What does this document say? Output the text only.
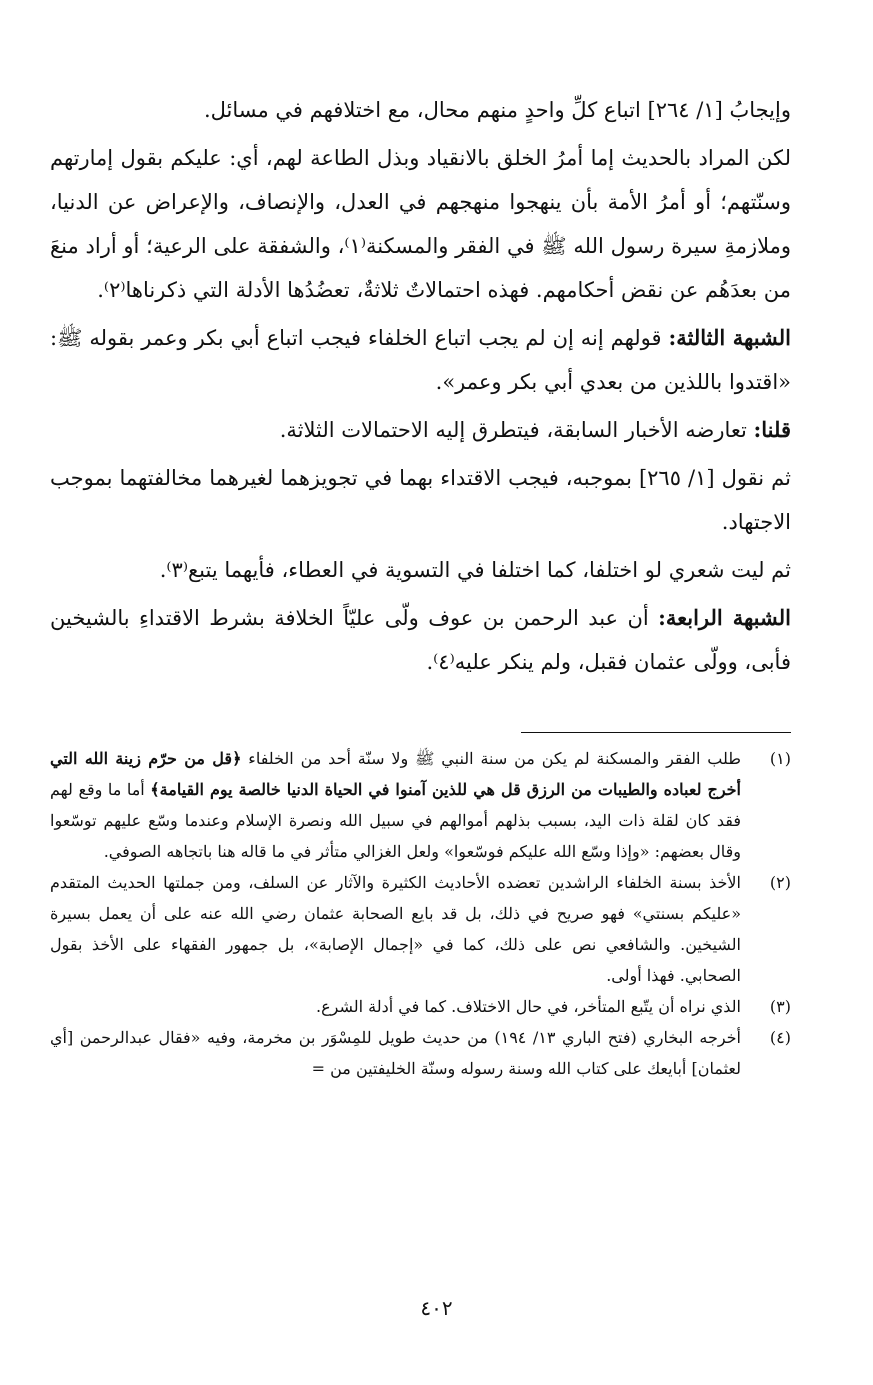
وإيجابُ [١/ ٢٦٤] اتباع كلِّ واحدٍ منهم محال، مع اختلافهم في مسائل.

لكن المراد بالحديث إما أمرُ الخلق بالانقياد وبذل الطاعة لهم، أي: عليكم بقول إمارتهم وسنّتهم؛ أو أمرُ الأمة بأن ينهجوا منهجهم في العدل، والإنصاف، والإعراض عن الدنيا، وملازمةِ سيرة رسول الله ﷺ في الفقر والمسكنة⁽١⁾، والشفقة على الرعية؛ أو أراد منعَ من بعدَهُم عن نقض أحكامهم. فهذه احتمالاتٌ ثلاثةٌ، تعضُدُها الأدلة التي ذكرناها⁽٢⁾.

الشبهة الثالثة: قولهم إنه إن لم يجب اتباع الخلفاء فيجب اتباع أبي بكر وعمر بقوله ﷺ: «اقتدوا باللذين من بعدي أبي بكر وعمر».

قلنا: تعارضه الأخبار السابقة، فيتطرق إليه الاحتمالات الثلاثة.

ثم نقول [١/ ٢٦٥] بموجبه، فيجب الاقتداء بهما في تجويزهما لغيرهما مخالفتهما بموجب الاجتهاد.

ثم ليت شعري لو اختلفا، كما اختلفا في التسوية في العطاء، فأيهما يتبع⁽٣⁾.

الشبهة الرابعة: أن عبد الرحمن بن عوف ولّى عليّاً الخلافة بشرط الاقتداءِ بالشيخين فأبى، وولّى عثمان فقبل، ولم ينكر عليه⁽٤⁾.

(١)
طلب الفقر والمسكنة لم يكن من سنة النبي ﷺ ولا سنّة أحد من الخلفاء ﴿قل من حرّم زينة الله التي أخرج لعباده والطيبات من الرزق قل هي للذين آمنوا في الحياة الدنيا خالصة يوم القيامة﴾ أما ما وقع لهم فقد كان لقلة ذات اليد، بسبب بذلهم أموالهم في سبيل الله ونصرة الإسلام وعندما وسّع عليهم توسّعوا وقال بعضهم: «وإذا وسّع الله عليكم فوسّعوا» ولعل الغزالي متأثر في ما قاله هنا باتجاهه الصوفي.
(٢)
الأخذ بسنة الخلفاء الراشدين تعضده الأحاديث الكثيرة والآثار عن السلف، ومن جملتها الحديث المتقدم «عليكم بسنتي» فهو صريح في ذلك، بل قد بايع الصحابة عثمان رضي الله عنه على أن يعمل بسيرة الشيخين. والشافعي نص على ذلك، كما في «إجمال الإصابة»، بل جمهور الفقهاء على الأخذ بقول الصحابي. فهذا أولى.
(٣)
الذي نراه أن يتّبع المتأخر، في حال الاختلاف. كما في أدلة الشرع.
(٤)
أخرجه البخاري (فتح الباري ١٣/ ١٩٤) من حديث طويل للمِسْوَر بن مخرمة، وفيه «فقال عبدالرحمن [أي لعثمان] أبايعك على كتاب الله وسنة رسوله وسنّة الخليفتين من =
٤٠٢
